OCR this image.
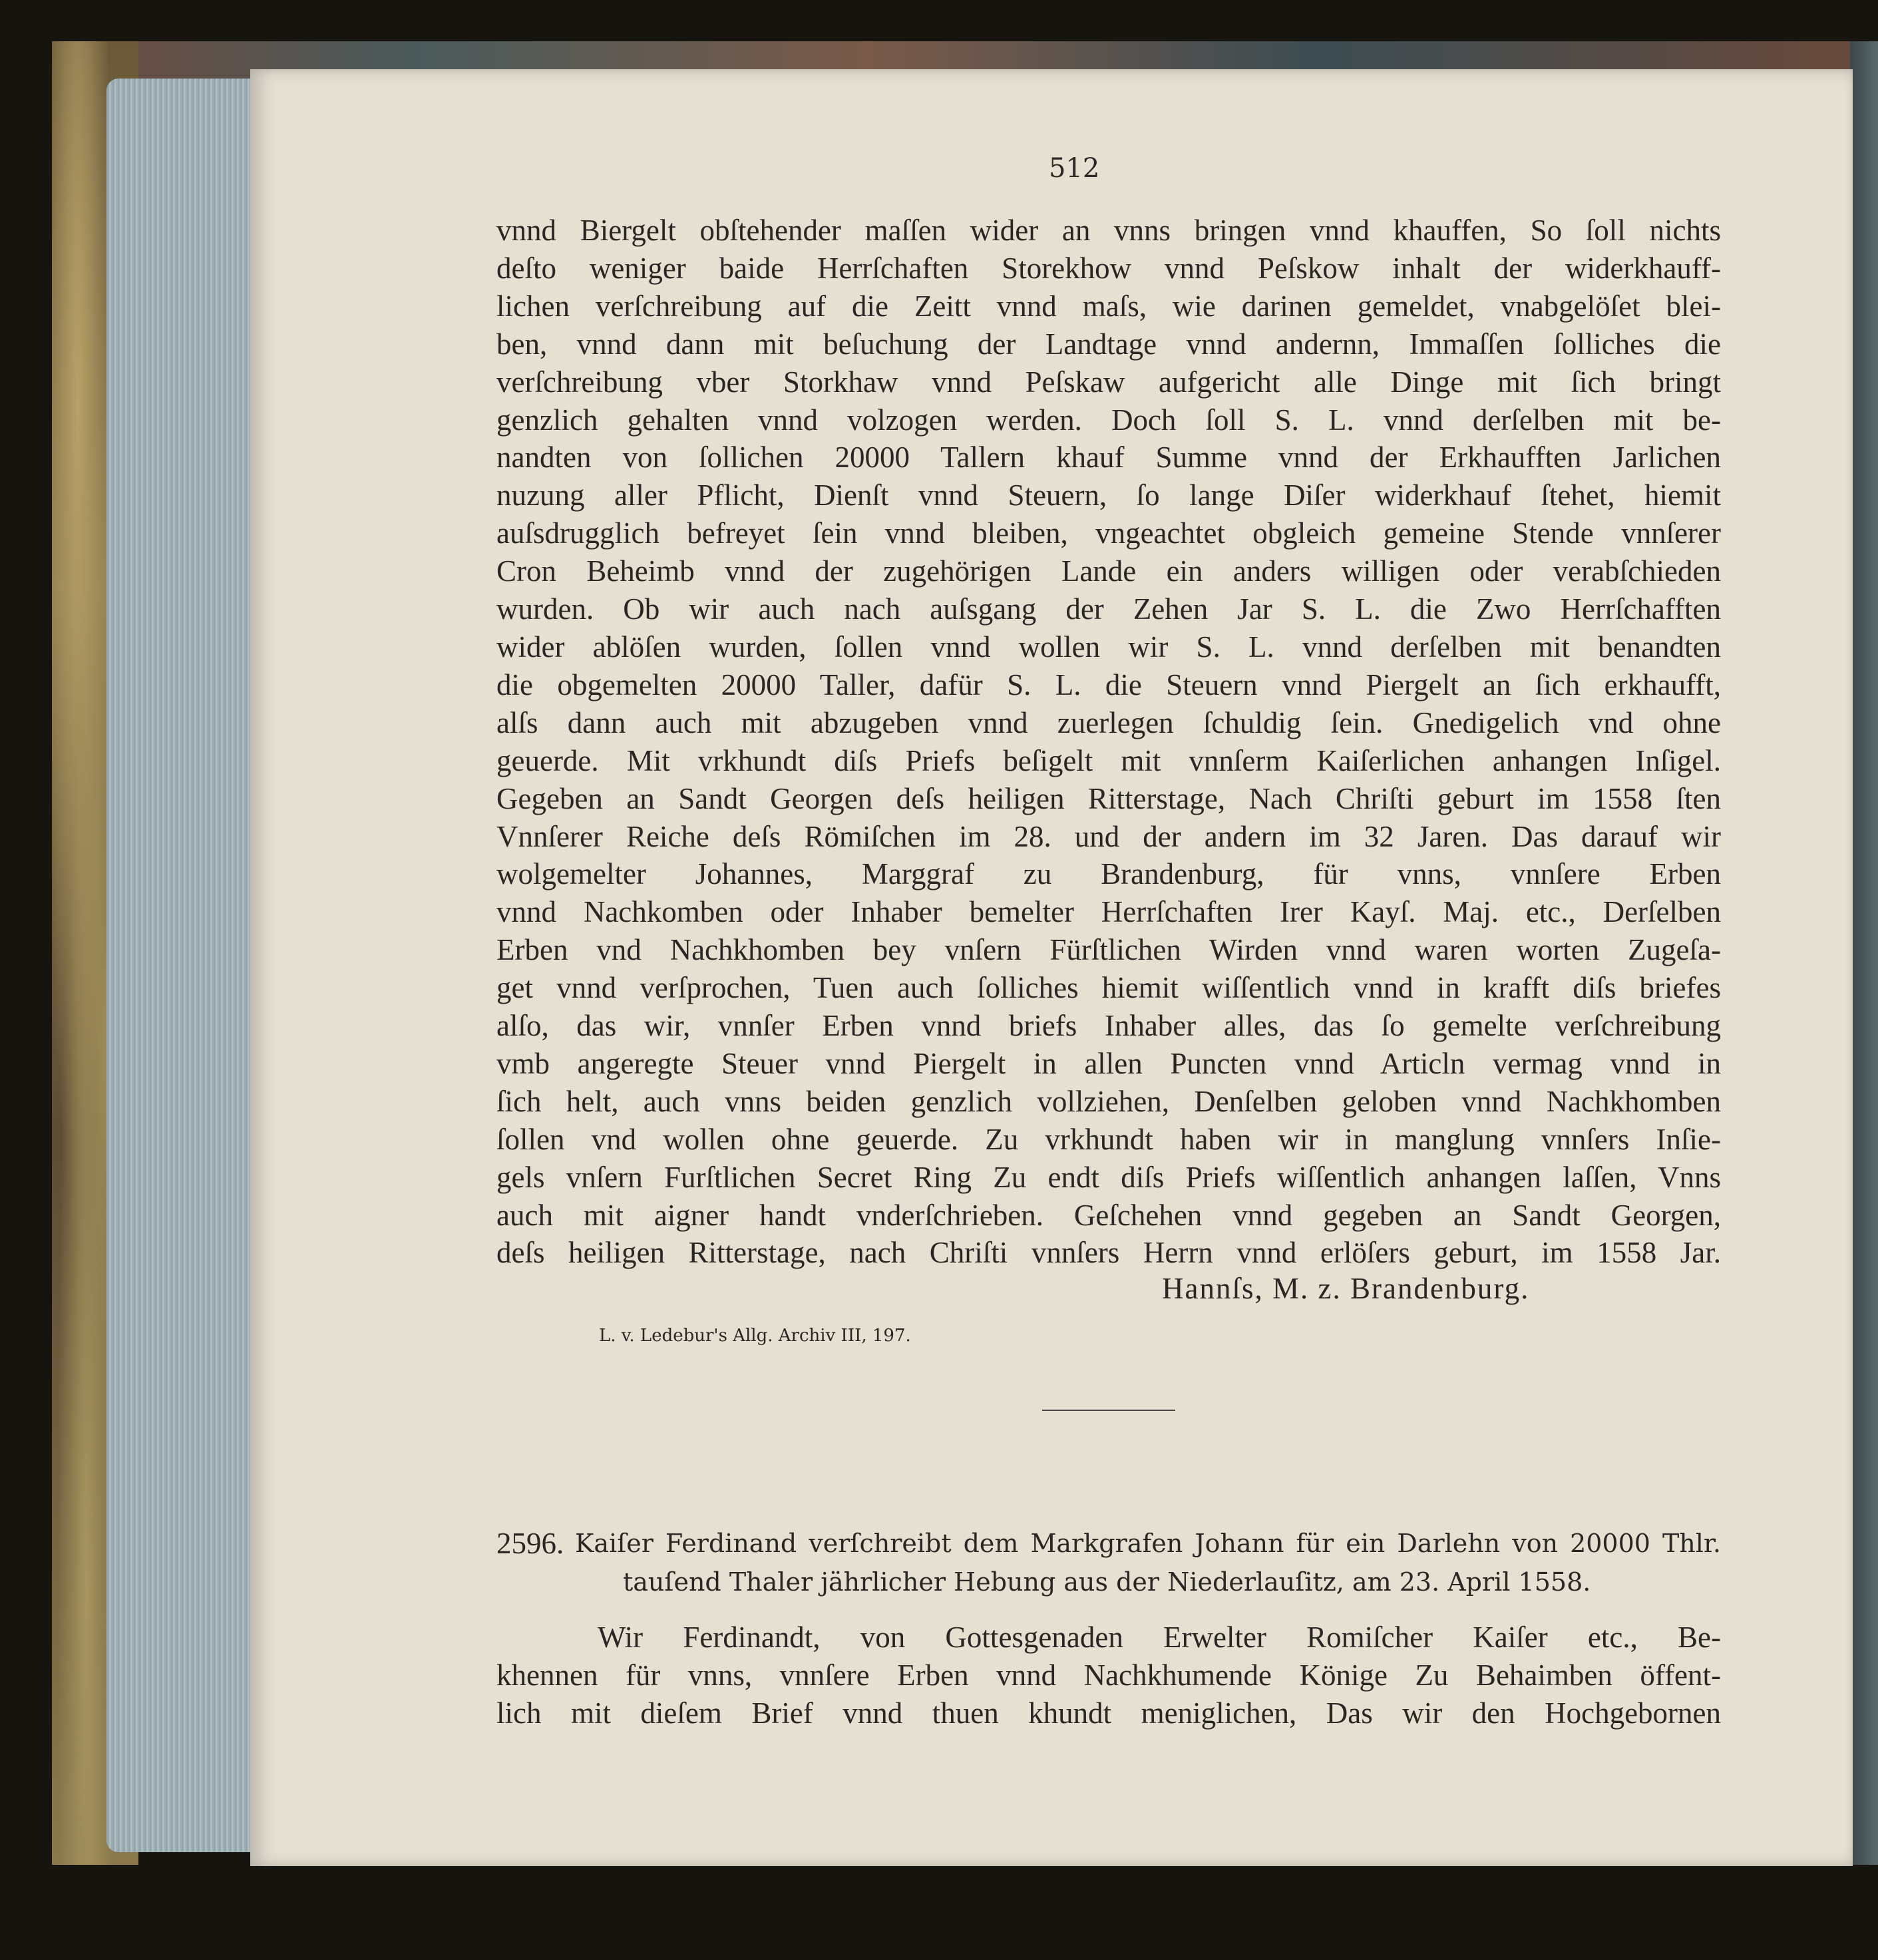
512
vnnd Biergelt obſtehender maſſen wider an vnns bringen vnnd khauffen, So ſoll nichts
deſto weniger baide Herrſchaften Storekhow vnnd Peſskow inhalt der widerkhauff-
lichen verſchreibung auf die Zeitt vnnd maſs, wie darinen gemeldet, vnabgelöſet blei-
ben, vnnd dann mit beſuchung der Landtage vnnd andernn, Immaſſen ſolliches die
verſchreibung vber Storkhaw vnnd Peſskaw aufgericht alle Dinge mit ſich bringt
genzlich gehalten vnnd volzogen werden. Doch ſoll S. L. vnnd derſelben mit be-
nandten von ſollichen 20000 Tallern khauf Summe vnnd der Erkhaufften Jarlichen
nuzung aller Pflicht, Dienſt vnnd Steuern, ſo lange Diſer widerkhauf ſtehet, hiemit
auſsdrugglich befreyet ſein vnnd bleiben, vngeachtet obgleich gemeine Stende vnnſerer
Cron Beheimb vnnd der zugehörigen Lande ein anders willigen oder verabſchieden
wurden. Ob wir auch nach auſsgang der Zehen Jar S. L. die Zwo Herrſchafften
wider ablöſen wurden, ſollen vnnd wollen wir S. L. vnnd derſelben mit benandten
die obgemelten 20000 Taller, dafür S. L. die Steuern vnnd Piergelt an ſich erkhaufft,
alſs dann auch mit abzugeben vnnd zuerlegen ſchuldig ſein. Gnedigelich vnd ohne
geuerde. Mit vrkhundt diſs Priefs beſigelt mit vnnſerm Kaiſerlichen anhangen Inſigel.
Gegeben an Sandt Georgen deſs heiligen Ritterstage, Nach Chriſti geburt im 1558 ſten
Vnnſerer Reiche deſs Römiſchen im 28. und der andern im 32 Jaren. Das darauf wir
wolgemelter Johannes, Marggraf zu Brandenburg, für vnns, vnnſere Erben
vnnd Nachkomben oder Inhaber bemelter Herrſchaften Irer Kayſ. Maj. etc., Derſelben
Erben vnd Nachkhomben bey vnſern Fürſtlichen Wirden vnnd waren worten Zugeſa-
get vnnd verſprochen, Tuen auch ſolliches hiemit wiſſentlich vnnd in krafft diſs briefes
alſo, das wir, vnnſer Erben vnnd briefs Inhaber alles, das ſo gemelte verſchreibung
vmb angeregte Steuer vnnd Piergelt in allen Puncten vnnd Articln vermag vnnd in
ſich helt, auch vnns beiden genzlich vollziehen, Denſelben geloben vnnd Nachkhomben
ſollen vnd wollen ohne geuerde. Zu vrkhundt haben wir in manglung vnnſers Inſie-
gels vnſern Furſtlichen Secret Ring Zu endt diſs Priefs wiſſentlich anhangen laſſen, Vnns
auch mit aigner handt vnderſchrieben. Geſchehen vnnd gegeben an Sandt Georgen,
deſs heiligen Ritterstage, nach Chriſti vnnſers Herrn vnnd erlöſers geburt, im 1558 Jar.
Hannſs, M. z. Brandenburg.
L. v. Ledebur's Allg. Archiv III, 197.
2596. Kaiſer Ferdinand verſchreibt dem Markgrafen Johann für ein Darlehn von 20000 Thlr.
tauſend Thaler jährlicher Hebung aus der Niederlauſitz, am 23. April 1558.
Wir Ferdinandt, von Gottesgenaden Erwelter Romiſcher Kaiſer etc., Be-
khennen für vnns, vnnſere Erben vnnd Nachkhumende Könige Zu Behaimben öffent-
lich mit dieſem Brief vnnd thuen khundt meniglichen, Das wir den Hochgebornen
